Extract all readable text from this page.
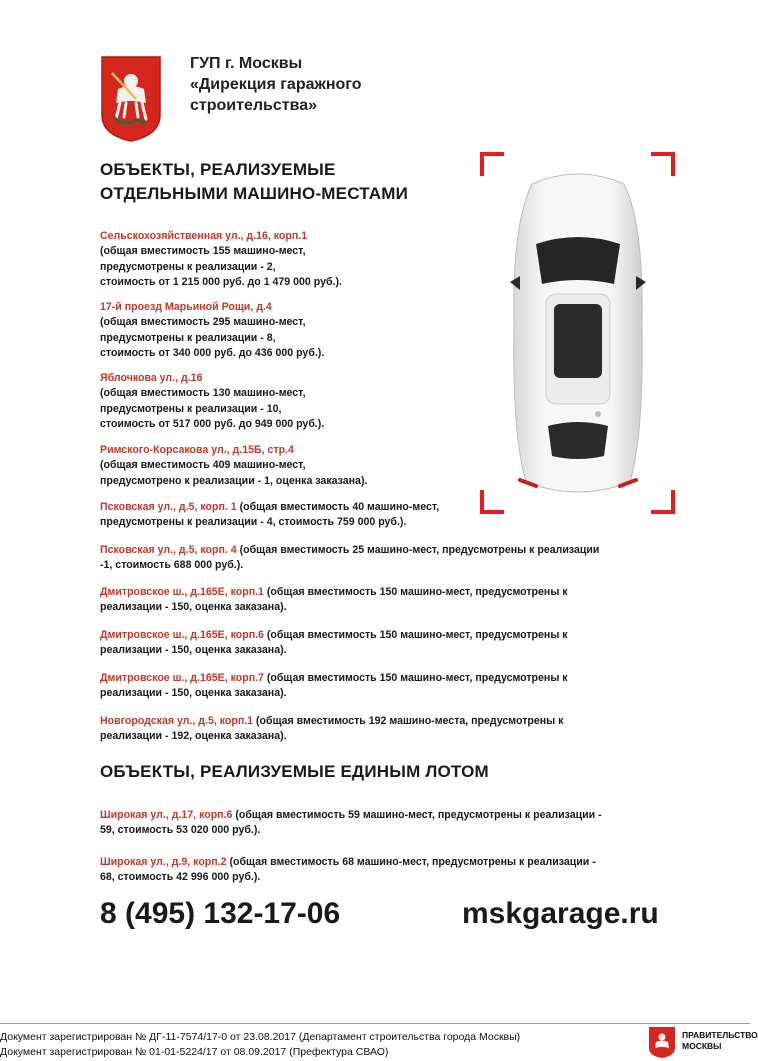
ГУП г. Москвы
«Дирекция гаражного
строительства»
ОБЪЕКТЫ, РЕАЛИЗУЕМЫЕ
ОТДЕЛЬНЫМИ МАШИНО-МЕСТАМИ
Сельскохозяйственная ул., д.16, корп.1
(общая вместимость 155 машино-мест,
предусмотрены к реализации - 2,
стоимость от 1 215 000 руб. до 1 479 000 руб.).
17-й проезд Марьиной Рощи, д.4
(общая вместимость 295 машино-мест,
предусмотрены к реализации - 8,
стоимость от 340 000 руб. до 436 000 руб.).
Яблочкова ул., д.16
(общая вместимость 130 машино-мест,
предусмотрены к реализации - 10,
стоимость от 517 000 руб. до 949 000 руб.).
Римского-Корсакова ул., д.15Б, стр.4
(общая вместимость 409 машино-мест,
предусмотрено к реализации - 1, оценка заказана).
Псковская ул., д.5, корп. 1 (общая вместимость 40 машино-мест,
предусмотрены к реализации - 4, стоимость 759 000 руб.).
Псковская ул., д.5, корп. 4 (общая вместимость 25 машино-мест, предусмотрены к реализации -1, стоимость 688 000 руб.).
Дмитровское ш., д.165Е, корп.1 (общая вместимость 150 машино-мест, предусмотрены к реализации - 150, оценка заказана).
Дмитровское ш., д.165Е, корп.6 (общая вместимость 150 машино-мест, предусмотрены к реализации - 150, оценка заказана).
Дмитровское ш., д.165Е, корп.7 (общая вместимость 150 машино-мест, предусмотрены к реализации - 150, оценка заказана).
Новгородская ул., д.5, корп.1 (общая вместимость 192 машино-места, предусмотрены к реализации - 192, оценка заказана).
ОБЪЕКТЫ, РЕАЛИЗУЕМЫЕ ЕДИНЫМ ЛОТОМ
Широкая ул., д.17, корп.6 (общая вместимость 59 машино-мест, предусмотрены к реализации - 59, стоимость 53 020 000 руб.).
Широкая ул., д.9, корп.2 (общая вместимость 68 машино-мест, предусмотрены к реализации - 68, стоимость 42 996 000 руб.).
8 (495) 132-17-06	mskgarage.ru
Документ зарегистрирован № ДГ-11-7574/17-0 от 23.08.2017 (Департамент строительства города Москвы)
Документ зарегистрирован № 01-01-5224/17 от 08.09.2017 (Префектура СВАО)
ПРАВИТЕЛЬСТВО
МОСКВЫ
